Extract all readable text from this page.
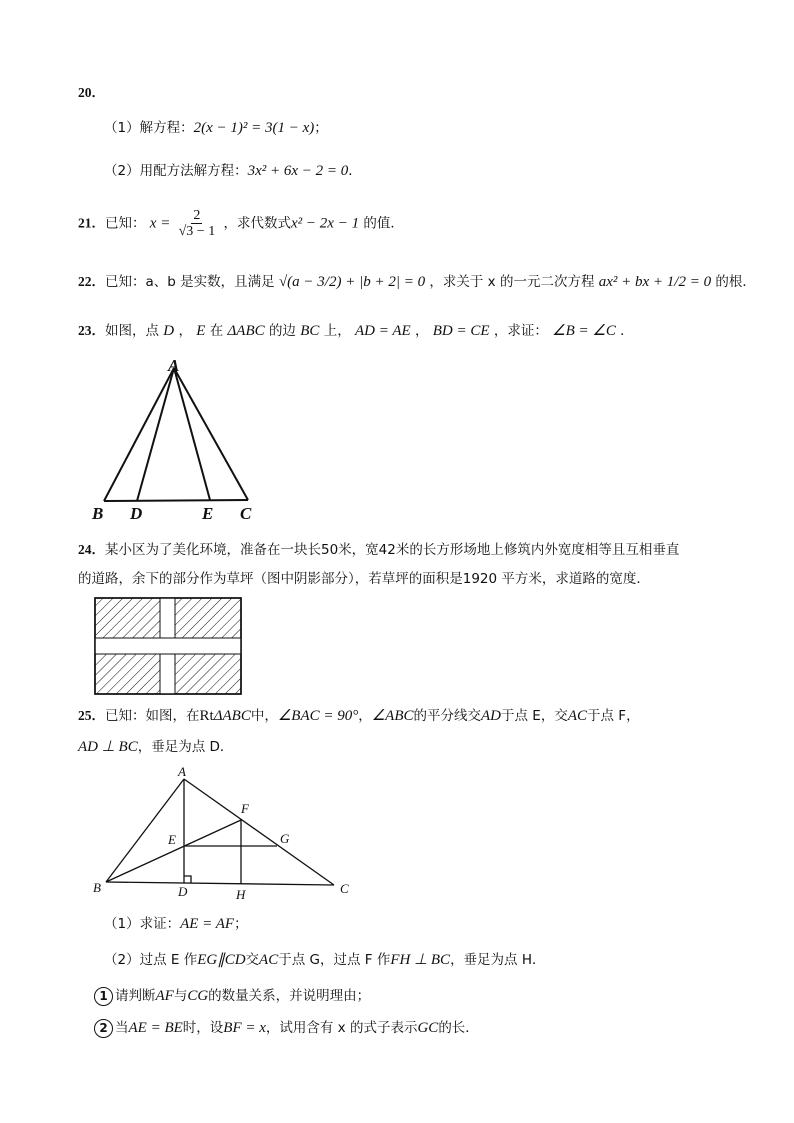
20．
（1）解方程：2(x − 1)² = 3(1 − x)；
（2）用配方法解方程：3x² + 6x − 2 = 0．
21．已知： $x = \frac{2}{√3 - 1}$ ，求代数式x² − 2x − 1 的值．
22．已知：a、b 是实数，且满足 √(a − 3/2) + |b + 2| = 0 ，求关于 x 的一元二次方程 ax² + bx + 1/2 = 0 的根．
23．如图，点 D ， E 在 ΔABC 的边 BC 上， AD = AE ， BD = CE ，求证： ∠B = ∠C ．
A
B D	E C
24．某小区为了美化环境，准备在一块长50米，宽42米的长方形场地上修筑内外宽度相等且互相垂直
的道路，余下的部分作为草坪（图中阴影部分），若草坪的面积是1920 平方米，求道路的宽度．
25．已知：如图，在RtΔABC中，∠BAC = 90°，∠ABC的平分线交AD于点 E，交AC于点 F，
AD ⊥ BC，垂足为点 D．
A
B	C
D
E
F
G
H
（1）求证：AE = AF；
（2）过点 E 作EG∥CD交AC于点 G，过点 F 作FH ⊥ BC，垂足为点 H．
1 请判断AF与CG的数量关系，并说明理由；
2 当AE = BE时，设BF = x，试用含有 x 的式子表示GC的长．
